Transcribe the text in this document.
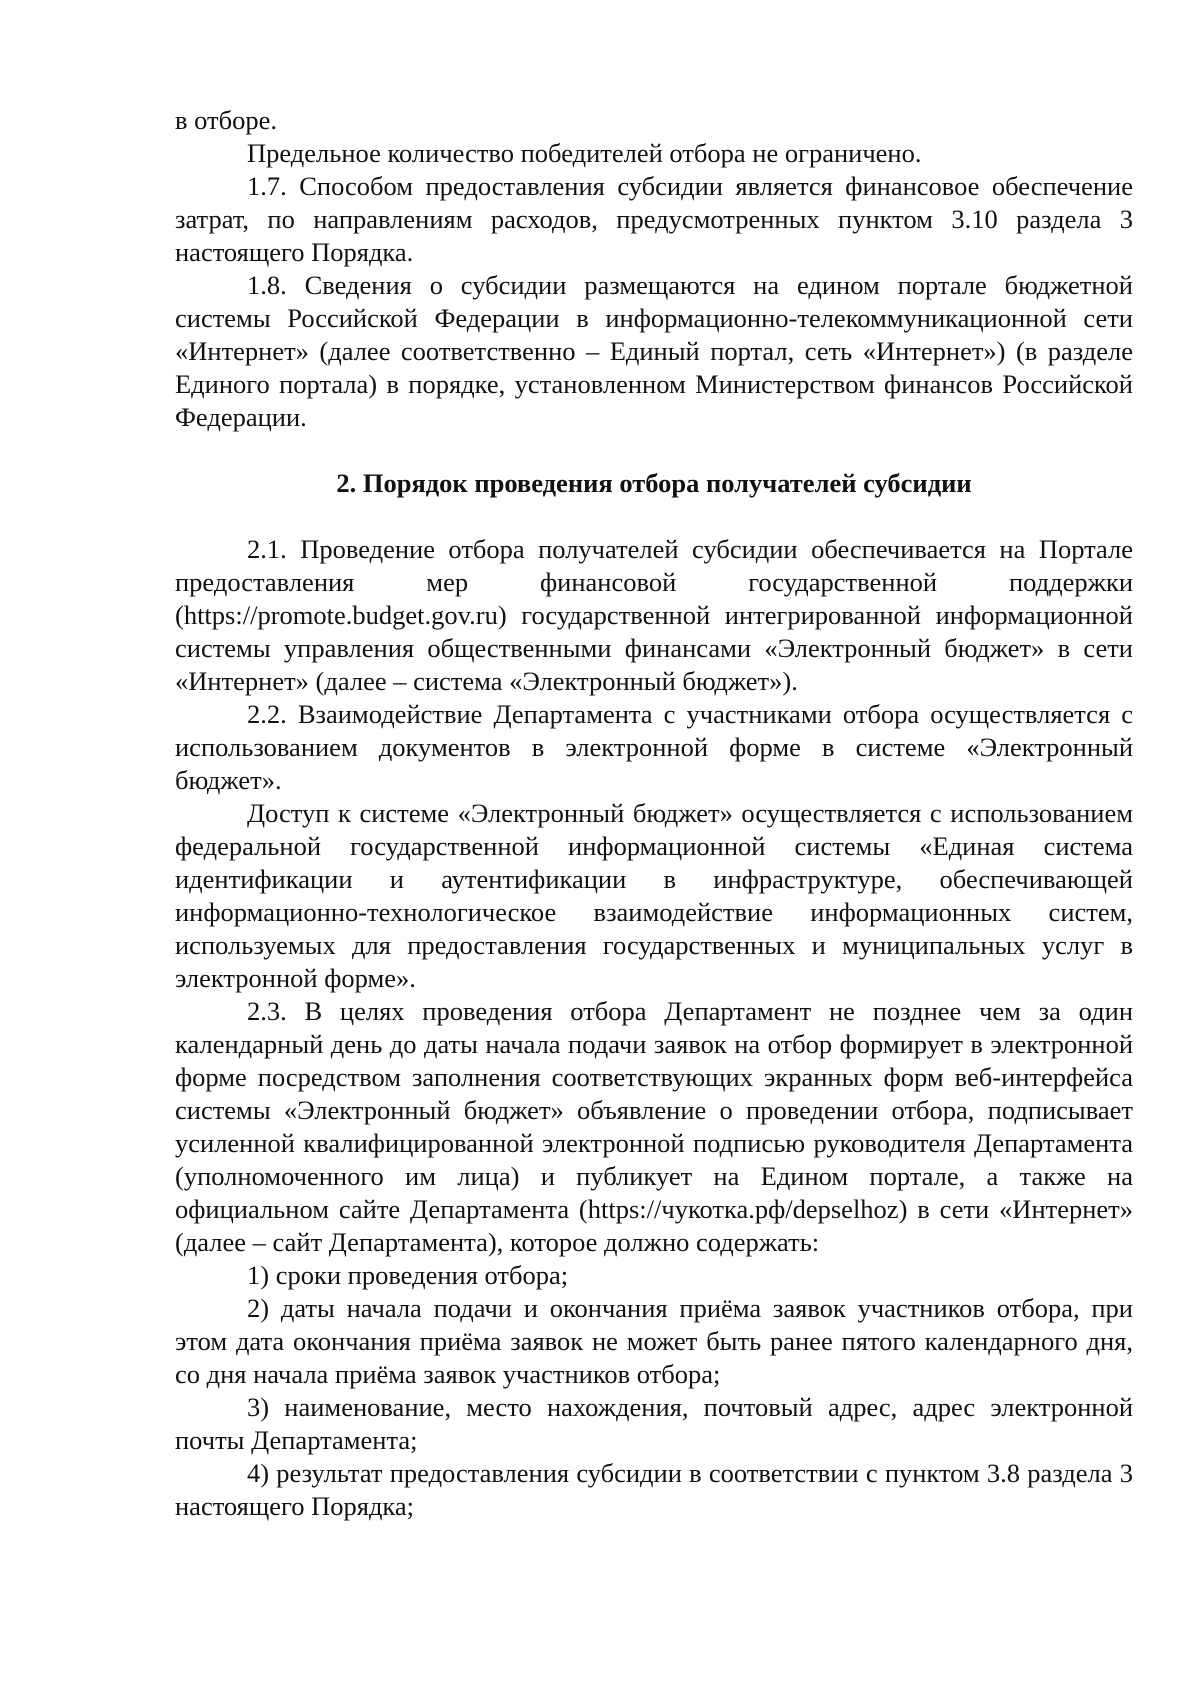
в отборе.

Предельное количество победителей отбора не ограничено.

1.7. Способом предоставления субсидии является финансовое обеспечение затрат, по направлениям расходов, предусмотренных пунктом 3.10 раздела 3 настоящего Порядка.

1.8. Сведения о субсидии размещаются на едином портале бюджетной системы Российской Федерации в информационно-телекоммуникационной сети «Интернет» (далее соответственно – Единый портал, сеть «Интернет») (в разделе Единого портала) в порядке, установленном Министерством финансов Российской Федерации.

2. Порядок проведения отбора получателей субсидии

2.1. Проведение отбора получателей субсидии обеспечивается на Портале предоставления мер финансовой государственной поддержки (https://promote.budget.gov.ru) государственной интегрированной информационной системы управления общественными финансами «Электронный бюджет» в сети «Интернет» (далее – система «Электронный бюджет»).

2.2. Взаимодействие Департамента с участниками отбора осуществляется с использованием документов в электронной форме в системе «Электронный бюджет».

Доступ к системе «Электронный бюджет» осуществляется с использованием федеральной государственной информационной системы «Единая система идентификации и аутентификации в инфраструктуре, обеспечивающей информационно-технологическое взаимодействие информационных систем, используемых для предоставления государственных и муниципальных услуг в электронной форме».

2.3. В целях проведения отбора Департамент не позднее чем за один календарный день до даты начала подачи заявок на отбор формирует в электронной форме посредством заполнения соответствующих экранных форм веб-интерфейса системы «Электронный бюджет» объявление о проведении отбора, подписывает усиленной квалифицированной электронной подписью руководителя Департамента (уполномоченного им лица) и публикует на Едином портале, а также на официальном сайте Департамента (https://чукотка.рф/depselhoz) в сети «Интернет» (далее – сайт Департамента), которое должно содержать:

1) сроки проведения отбора;

2) даты начала подачи и окончания приёма заявок участников отбора, при этом дата окончания приёма заявок не может быть ранее пятого календарного дня, со дня начала приёма заявок участников отбора;

3) наименование, место нахождения, почтовый адрес, адрес электронной почты Департамента;

4) результат предоставления субсидии в соответствии с пунктом 3.8 раздела 3 настоящего Порядка;
